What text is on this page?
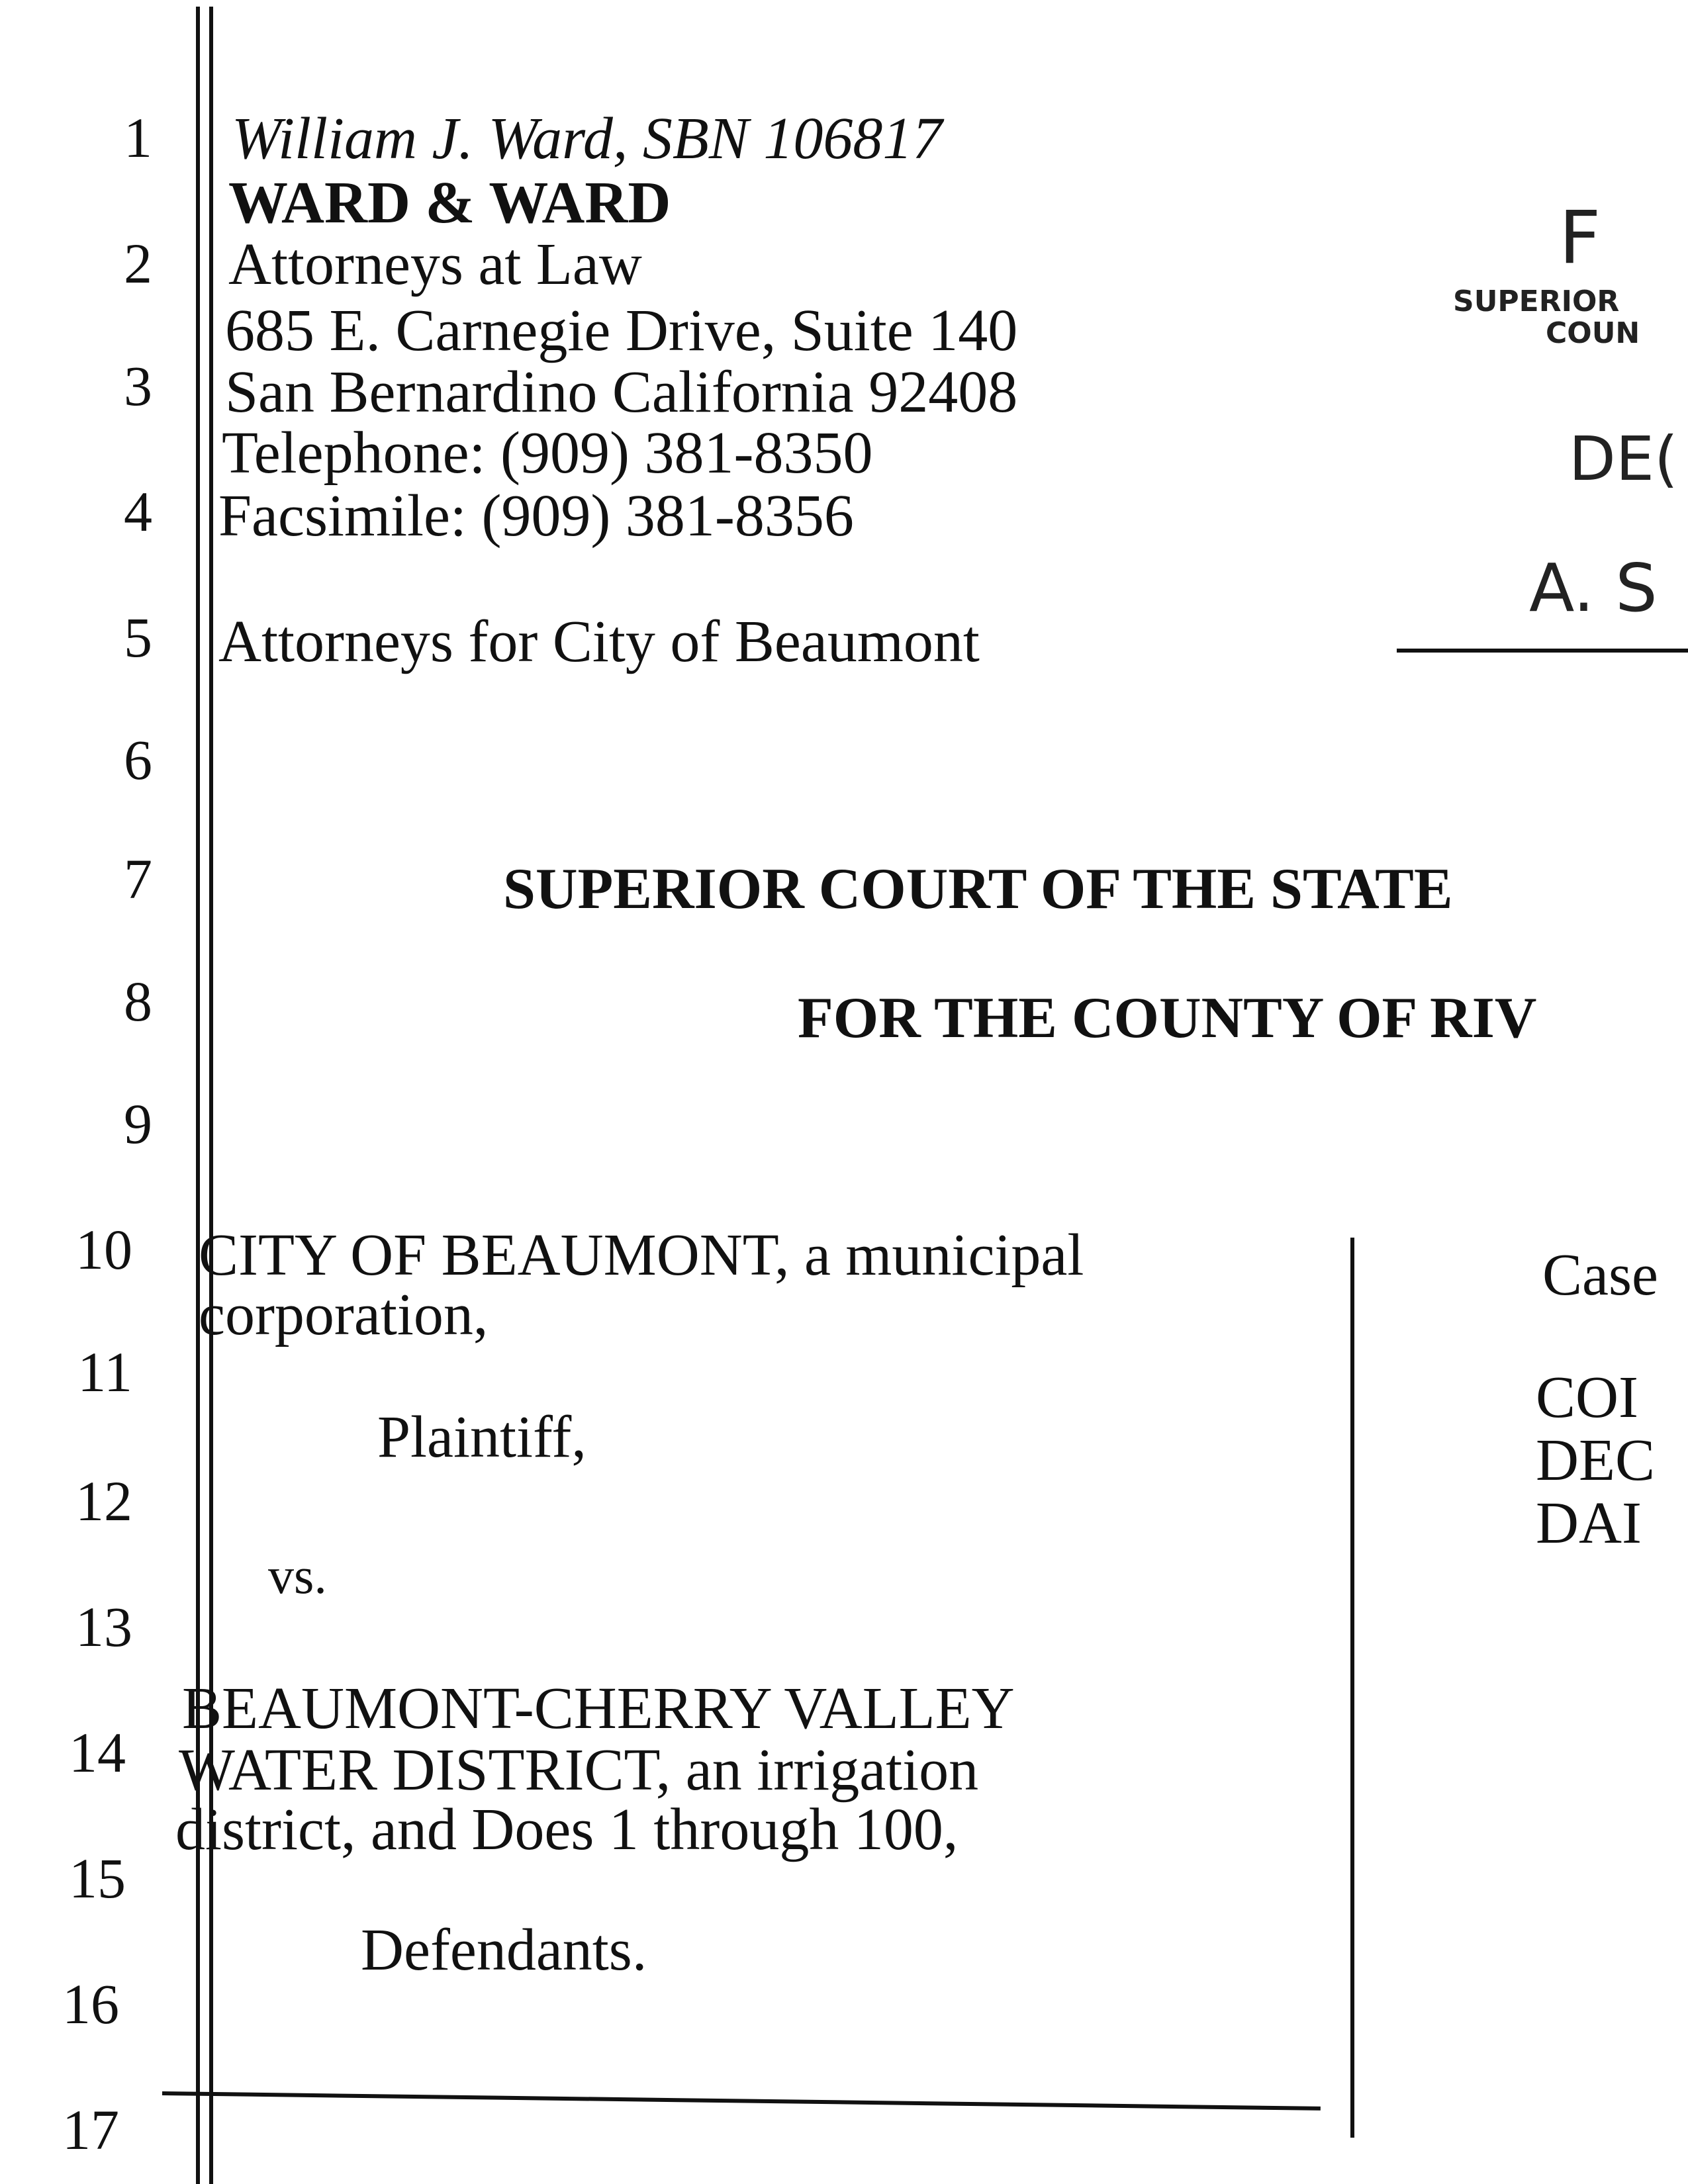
1
2
3
4
5
6
7
8
9
10
11
12
13
14
15
16
17
William J. Ward, SBN 106817
WARD & WARD
Attorneys at Law
685 E. Carnegie Drive, Suite 140
San Bernardino California 92408
Telephone: (909) 381-8350
Facsimile: (909) 381-8356
Attorneys for City of Beaumont
F
SUPERIOR
COUN
DE(
A. S
SUPERIOR COURT OF THE STATE
FOR THE COUNTY OF RIV
CITY OF BEAUMONT, a municipal
corporation,
Plaintiff,
vs.
BEAUMONT-CHERRY VALLEY
WATER DISTRICT, an irrigation
district, and Does 1 through 100,
Defendants.
Case
COI
DEC
DAI
